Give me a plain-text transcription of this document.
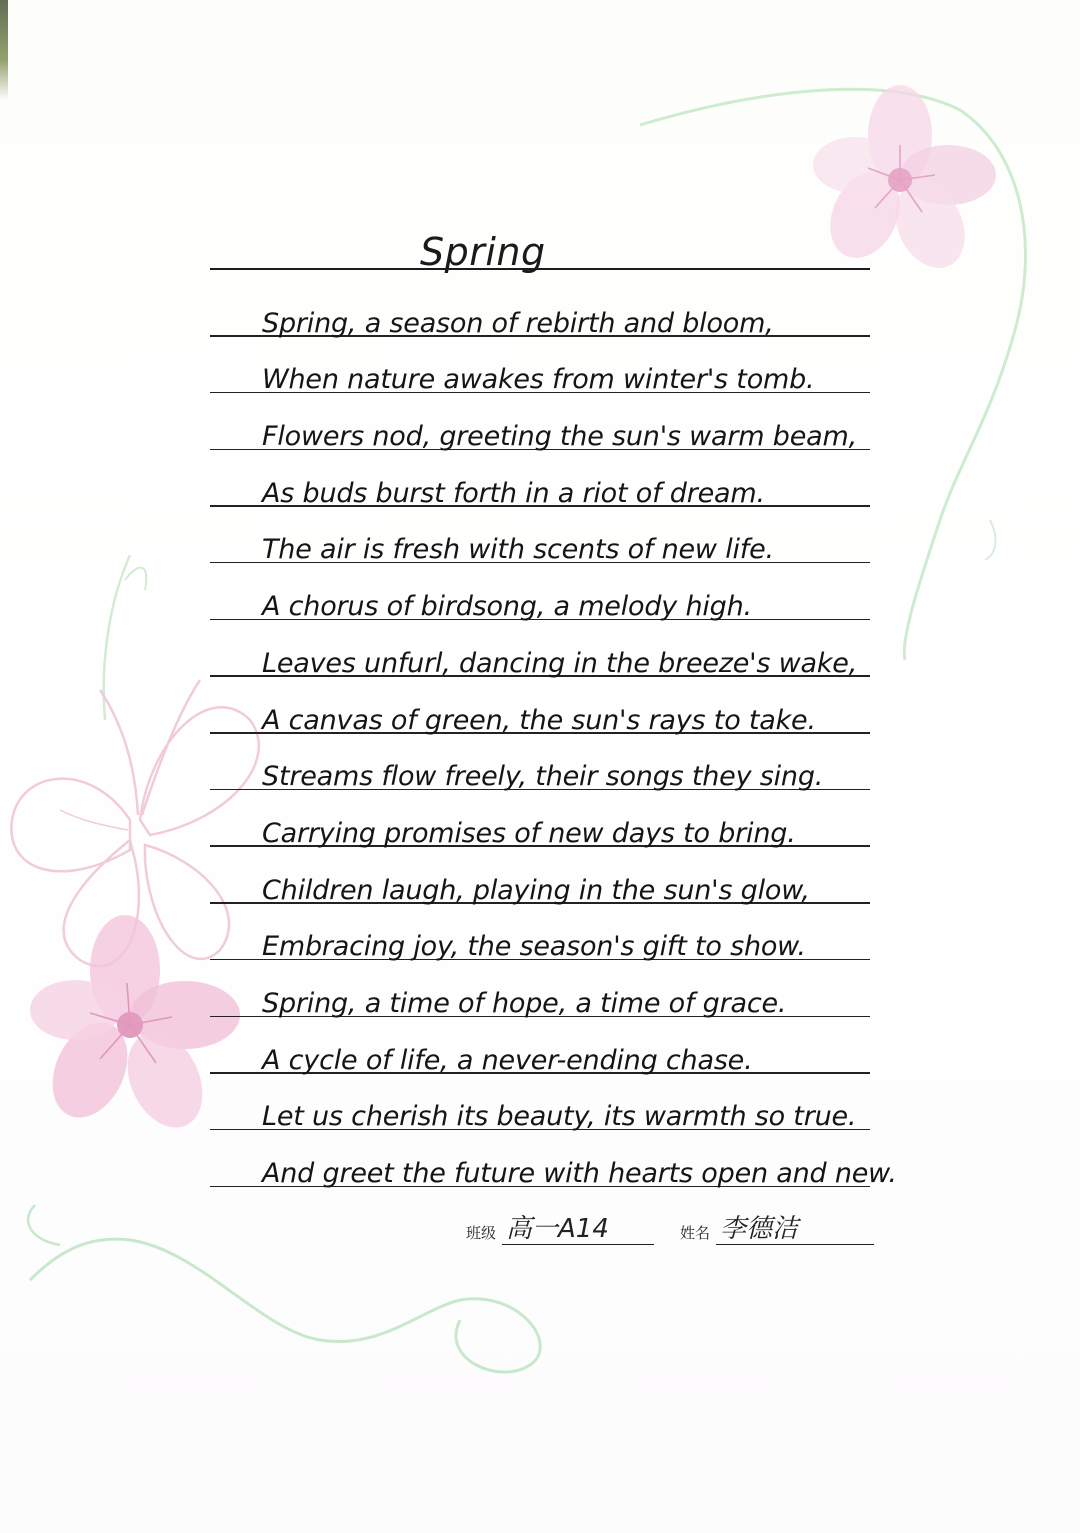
Spring
Spring, a season of rebirth and bloom,
When nature awakes from winter's tomb.
Flowers nod, greeting the sun's warm beam,
As buds burst forth in a riot of dream.
The air is fresh with scents of new life.
A chorus of birdsong, a melody high.
Leaves unfurl, dancing in the breeze's wake,
A canvas of green, the sun's rays to take.
Streams flow freely, their songs they sing.
Carrying promises of new days to bring.
Children laugh, playing in the sun's glow,
Embracing joy, the season's gift to show.
Spring, a time of hope, a time of grace.
A cycle of life, a never-ending chase.
Let us cherish its beauty, its warmth so true.
And greet the future with hearts open and new.
班级 高一A14	姓名 李德洁
